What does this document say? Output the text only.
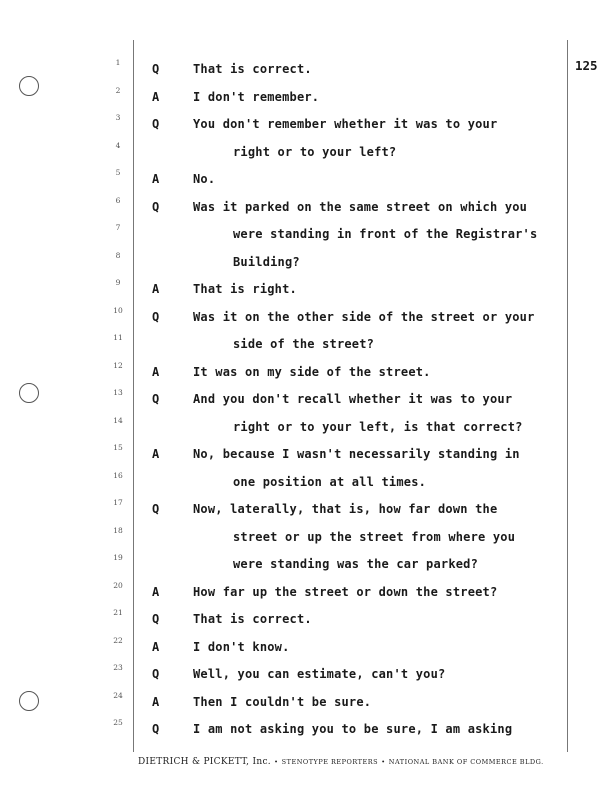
125
1
2
3
4
5
6
7
8
9
10
11
12
13
14
15
16
17
18
19
20
21
22
23
24
25
Q	That is correct.
A	I don't remember.
Q	You don't remember whether it was to your
right or to your left?
A	No.
Q	Was it parked on the same street on which you
were standing in front of the Registrar's
Building?
A	That is right.
Q	Was it on the other side of the street or your
side of the street?
A	It was on my side of the street.
Q	And you don't recall whether it was to your
right or to your left, is that correct?
A	No, because I wasn't necessarily standing in
one position at all times.
Q	Now, laterally, that is, how far down the
street or up the street from where you
were standing was the car parked?
A	How far up the street or down the street?
Q	That is correct.
A	I don't know.
Q	Well, you can estimate, can't you?
A	Then I couldn't be sure.
Q	I am not asking you to be sure, I am asking
DIETRICH & PICKETT, Inc. • STENOTYPE REPORTERS • NATIONAL BANK OF COMMERCE BLDG.
